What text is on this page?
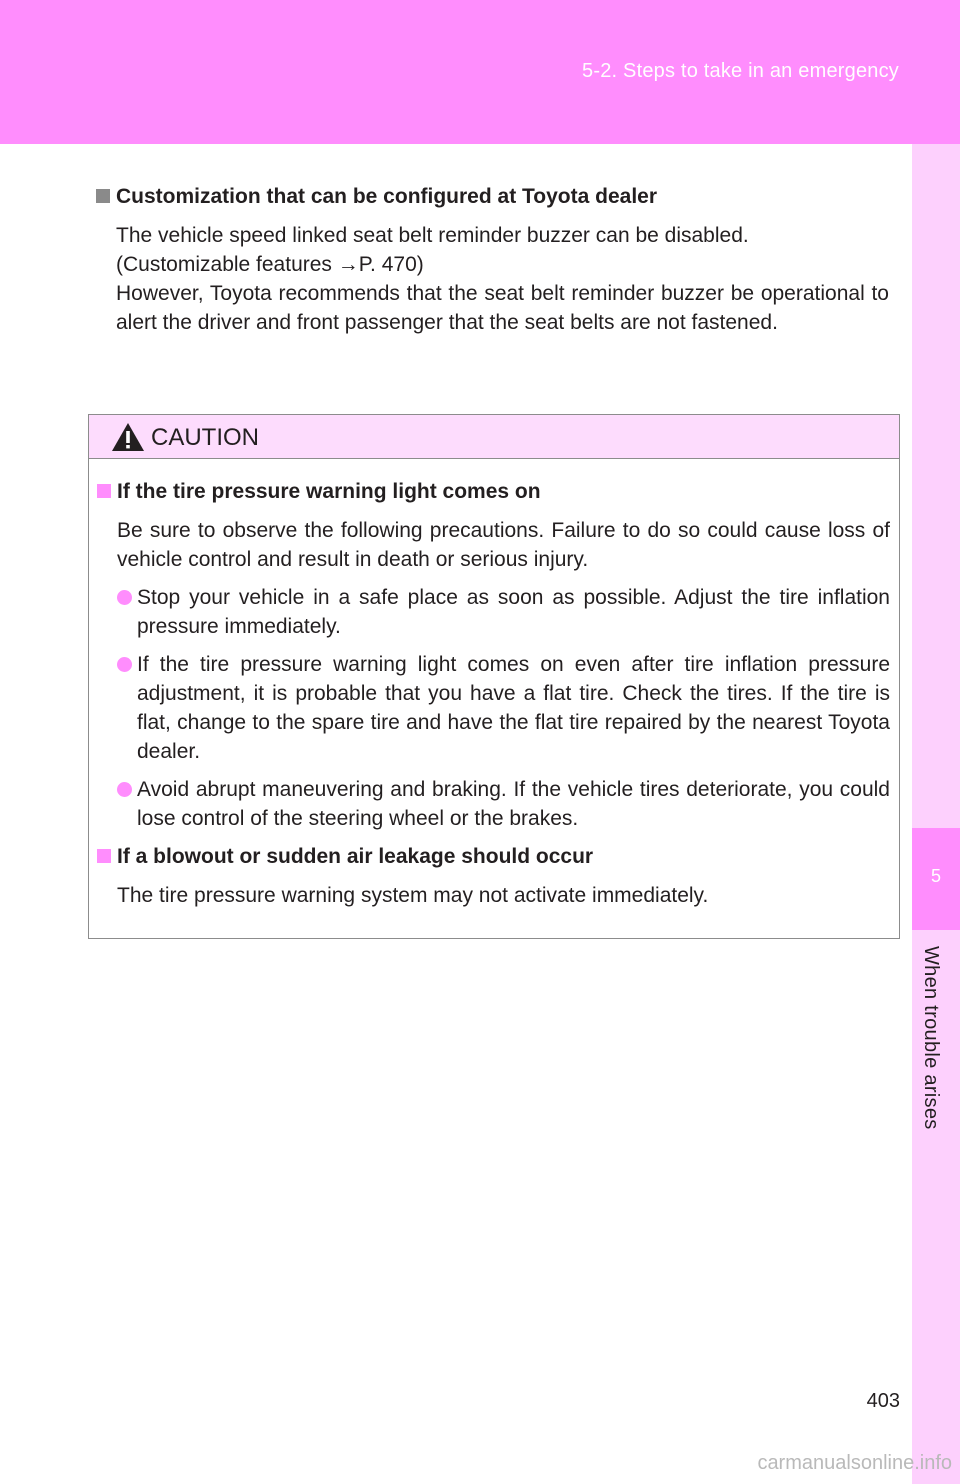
5-2. Steps to take in an emergency
5
When trouble arises

Customization that can be configured at Toyota dealer

The vehicle speed linked seat belt reminder buzzer can be disabled.
(Customizable features →P. 470)
However, Toyota recommends that the seat belt reminder buzzer be operational to alert the driver and front passenger that the seat belts are not fastened.
CAUTION

If the tire pressure warning light comes on

Be sure to observe the following precautions. Failure to do so could cause loss of vehicle control and result in death or serious injury.
Stop your vehicle in a safe place as soon as possible. Adjust the tire inflation pressure immediately.
If the tire pressure warning light comes on even after tire inflation pressure adjustment, it is probable that you have a flat tire. Check the tires. If the tire is flat, change to the spare tire and have the flat tire repaired by the nearest Toyota dealer.
Avoid abrupt maneuvering and braking. If the vehicle tires deteriorate, you could lose control of the steering wheel or the brakes.

If a blowout or sudden air leakage should occur

The tire pressure warning system may not activate immediately.
403
carmanualsonline.info
